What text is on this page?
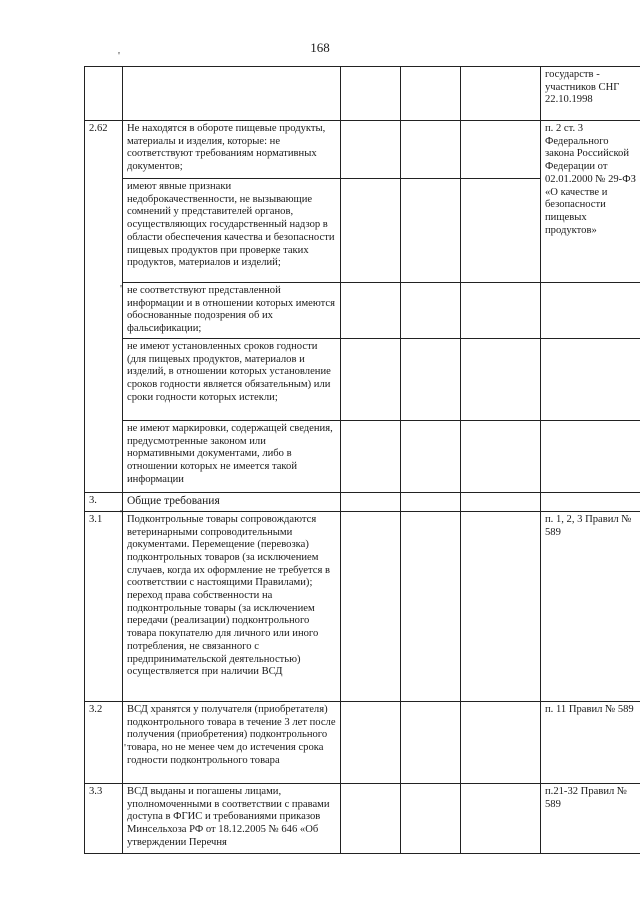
168
'
'
'
'
					государств - участников СНГ 22.10.1998
2.62	Не находятся в обороте пищевые продукты, материалы и изделия, которые: не соответствуют требованиям нормативных документов;				п. 2 ст. 3 Федерального закона Российской Федерации от 02.01.2000 № 29-ФЗ «О качестве и безопасности пищевых продуктов»
	имеют явные признаки недоброкачественности, не вызывающие сомнений у представителей органов, осуществляющих государственный надзор в области обеспечения качества и безопасности пищевых продуктов при проверке таких продуктов, материалов и изделий;				
	не соответствуют представленной информации и в отношении которых имеются обоснованные подозрения об их фальсификации;				
	не имеют установленных сроков годности (для пищевых продуктов, материалов и изделий, в отношении которых установление сроков годности является обязательным) или сроки годности которых истекли;				
	не имеют маркировки, содержащей сведения, предусмотренные законом или нормативными документами, либо в отношении которых не имеется такой информации				
3.	Общие требования				
3.1	Подконтрольные товары сопровождаются ветеринарными сопроводительными документами. Перемещение (перевозка) подконтрольных товаров (за исключением случаев, когда их оформление не требуется в соответствии с настоящими Правилами); переход права собственности на подконтрольные товары (за исключением передачи (реализации) подконтрольного товара покупателю для личного или иного потребления, не связанного с предпринимательской деятельностью) осуществляется при наличии ВСД				п. 1, 2, 3 Правил № 589
3.2	ВСД хранятся у получателя (приобретателя) подконтрольного товара в течение 3 лет после получения (приобретения) подконтрольного товара, но не менее чем до истечения срока годности подконтрольного товара				п. 11 Правил № 589
3.3	ВСД выданы и погашены лицами, уполномоченными в соответствии с правами доступа в ФГИС и требованиями приказов Минсельхоза РФ от 18.12.2005 № 646 «Об утверждении Перечня				п.21-32 Правил № 589
